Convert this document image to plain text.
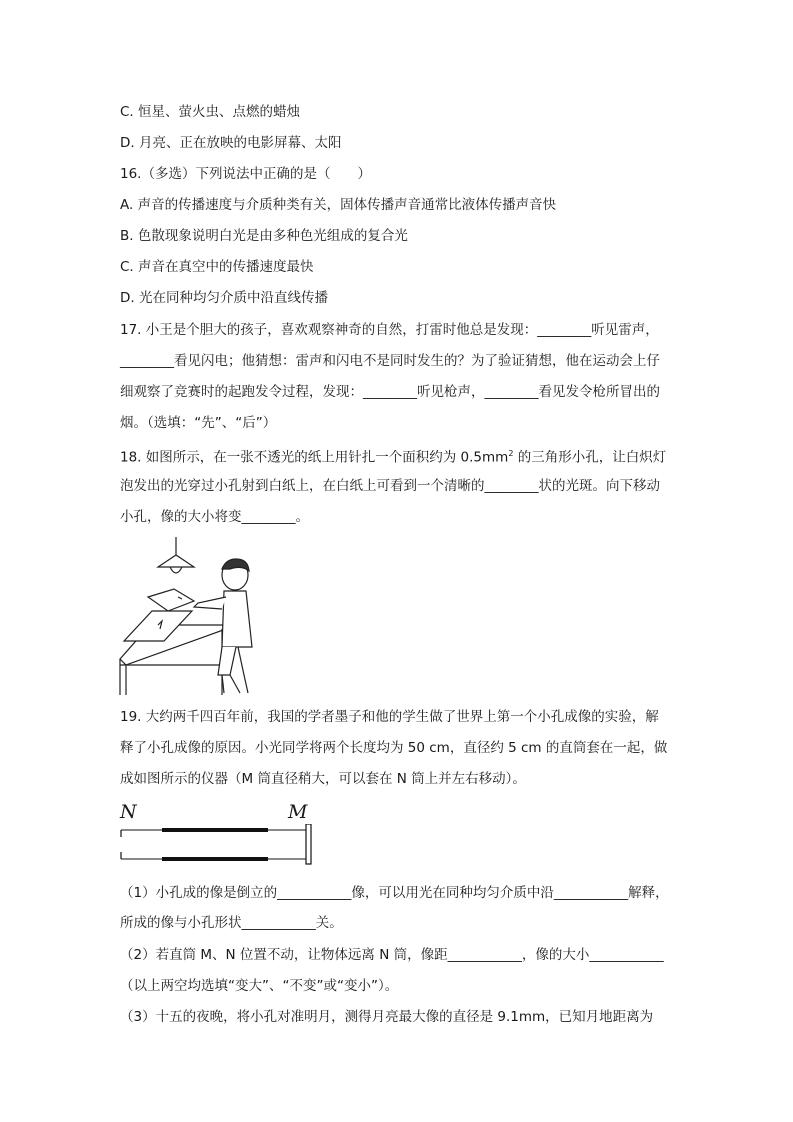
C. 恒星、萤火虫、点燃的蜡烛
D. 月亮、正在放映的电影屏幕、太阳
16.（多选）下列说法中正确的是（　　）
A. 声音的传播速度与介质种类有关，固体传播声音通常比液体传播声音快
B. 色散现象说明白光是由多种色光组成的复合光
C. 声音在真空中的传播速度最快
D. 光在同种均匀介质中沿直线传播
17. 小王是个胆大的孩子，喜欢观察神奇的自然，打雷时他总是发现：________听见雷声，
________看见闪电；他猜想：雷声和闪电不是同时发生的？为了验证猜想，他在运动会上仔
细观察了竞赛时的起跑发令过程，发现：________听见枪声，________看见发令枪所冒出的
烟。（选填：“先”、“后”）
18. 如图所示，在一张不透光的纸上用针扎一个面积约为 $0.5mm^2$ 的三角形小孔，让白炽灯
泡发出的光穿过小孔射到白纸上，在白纸上可看到一个清晰的________状的光斑。向下移动
小孔，像的大小将变________。
19. 大约两千四百年前，我国的学者墨子和他的学生做了世界上第一个小孔成像的实验，解
释了小孔成像的原因。小光同学将两个长度均为 50 cm，直径约 5 cm 的直筒套在一起，做
成如图所示的仪器（M 筒直径稍大，可以套在 N 筒上并左右移动）。
N	M
（1）小孔成的像是倒立的___________像，可以用光在同种均匀介质中沿___________解释，
所成的像与小孔形状___________关。
（2）若直筒 M、N 位置不动，让物体远离 N 筒，像距___________，像的大小___________
（以上两空均选填“变大”、“不变”或“变小”）。
（3）十五的夜晚，将小孔对准明月，测得月亮最大像的直径是 9.1mm，已知月地距离为
